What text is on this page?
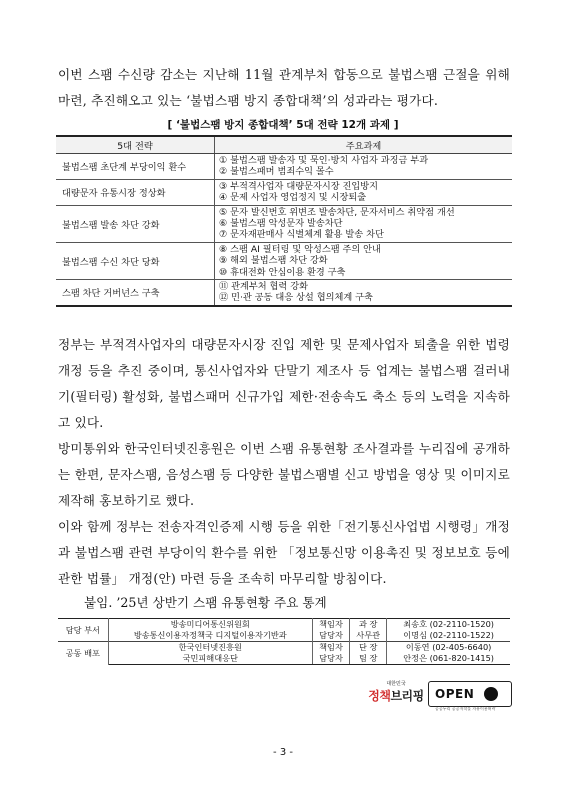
이번 스팸 수신량 감소는 지난해 11월 관계부처 합동으로 불법스팸 근절을 위해 마련, 추진해오고 있는 ‘불법스팸 방지 종합대책’의 성과라는 평가다.

[ ‘불법스팸 방지 종합대책’ 5대 전략 12개 과제 ]
5대 전략	주요과제
불법스팸 초단계 부당이익 환수	① 불법스팸 발송자 및 묵인·방치 사업자 과징금 부과
② 불법스패머 범죄수익 몰수

대량문자 유통시장 정상화	③ 부적격사업자 대량문자시장 진입방지
④ 문제 사업자 영업정지 및 시장퇴출

불법스팸 발송 차단 강화	⑤ 문자 발신번호 위변조 발송차단, 문자서비스 취약점 개선
⑥ 불법스팸 악성문자 발송차단
⑦ 문자재판매사 식별체계 활용 발송 차단

불법스팸 수신 차단 당화	⑧ 스팸 AI 필터링 및 악성스팸 주의 안내
⑨ 해외 불법스팸 차단 강화
⑩ 휴대전화 안심이용 환경 구축

스팸 차단 거버넌스 구축	⑪ 관계부처 협력 강화
⑫ 민·관 공동 대응 상설 협의체계 구축

정부는 부적격사업자의 대량문자시장 진입 제한 및 문제사업자 퇴출을 위한 법령 개정 등을 추진 중이며, 통신사업자와 단말기 제조사 등 업계는 불법스팸 걸러내기(필터링) 활성화, 불법스패머 신규가입 제한·전송속도 축소 등의 노력을 지속하고 있다.

방미통위와 한국인터넷진흥원은 이번 스팸 유통현황 조사결과를 누리집에 공개하는 한편, 문자스팸, 음성스팸 등 다양한 불법스팸별 신고 방법을 영상 및 이미지로 제작해 홍보하기로 했다.

이와 함께 정부는 전송자격인증제 시행 등을 위한「전기통신사업법 시행령」개정과 불법스팸 관련 부당이익 환수를 위한 「정보통신망 이용촉진 및 정보보호 등에 관한 법률」 개정(안) 마련 등을 조속히 마무리할 방침이다.

붙임. ’25년 상반기 스팸 유통현황 주요 통계
담당 부서	방송미디어통신위원회	책임자	과 장	최송호 (02-2110-1520)
	방송통신이용자정책국 디지털이용자기반과	담당자	사무관	이명심 (02-2110-1522)
공동 배포	한국인터넷진흥원	책임자	단 장	이동연 (02-405-6640)
	국민피해대응단	담당자	팀 장	안정은 (061-820-1415)
대한민국
정책브리핑 OPEN
공공누리 공공저작물 자유이용허락
- 3 -
